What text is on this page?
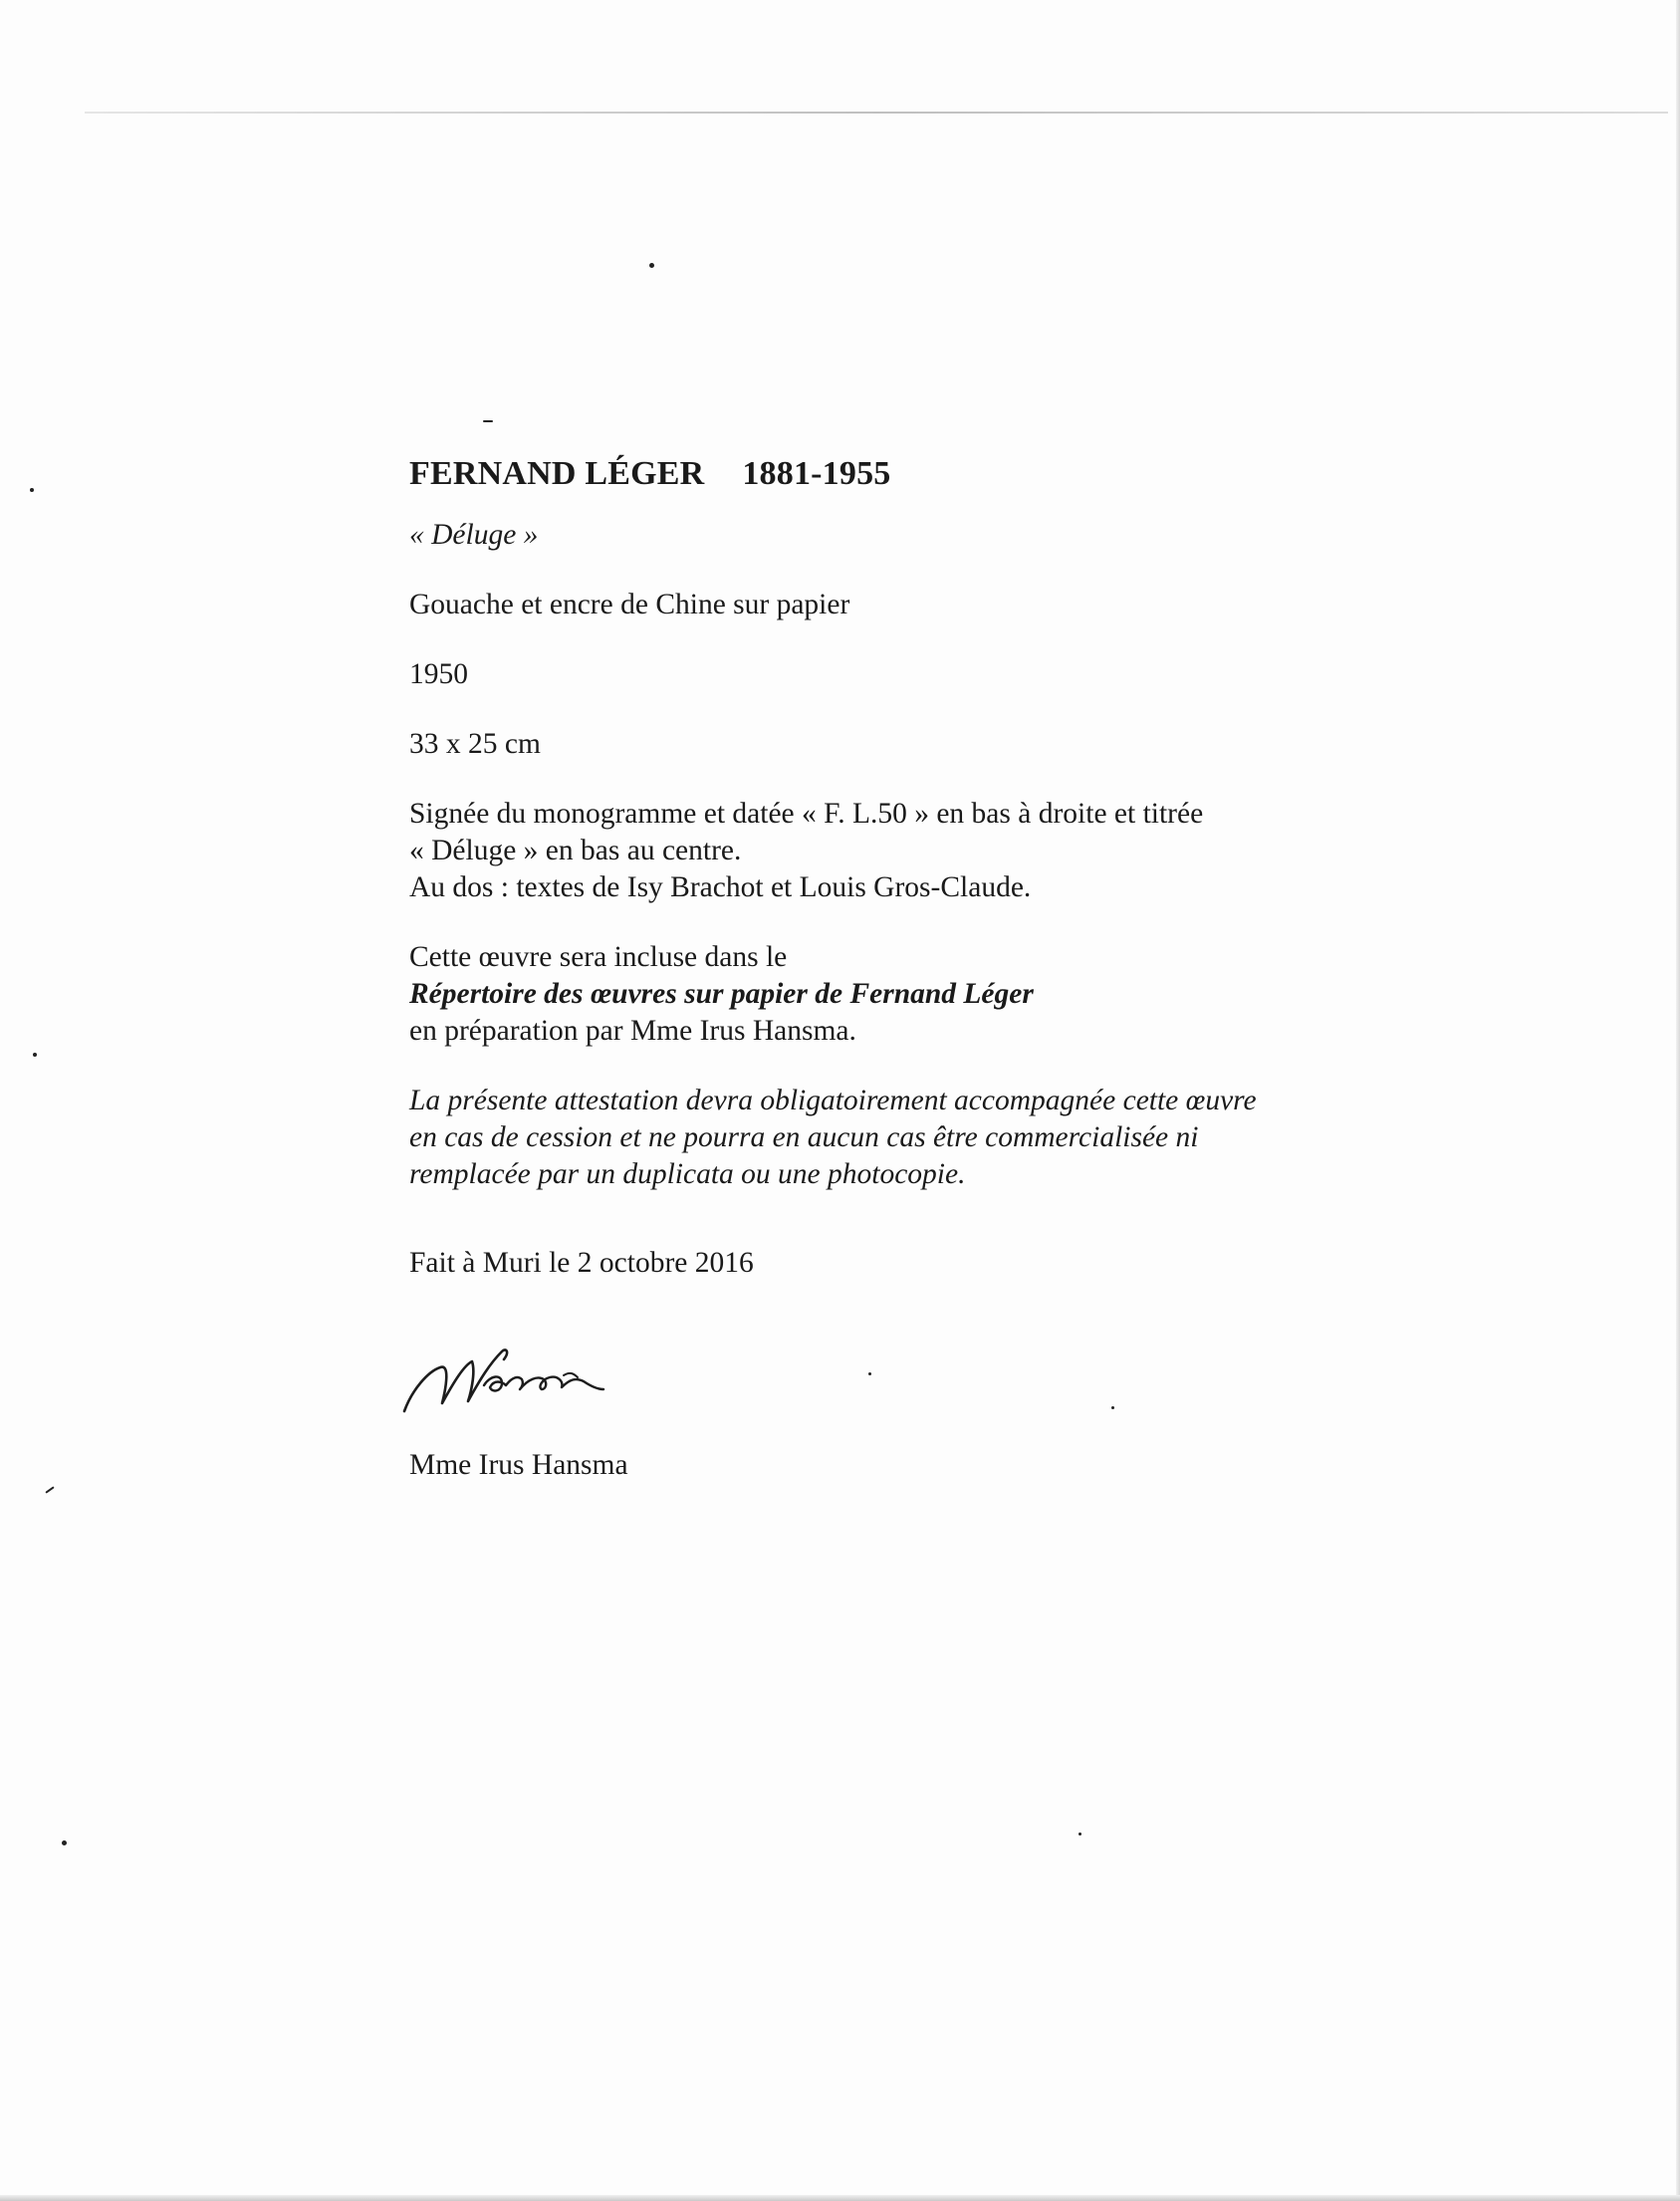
FERNAND LÉGER 1881-1955

« Déluge »

Gouache et encre de Chine sur papier

1950

33 x 25 cm

Signée du monogramme et datée « F. L.50 » en bas à droite et titrée

« Déluge » en bas au centre.

Au dos : textes de Isy Brachot et Louis Gros-Claude.

Cette œuvre sera incluse dans le

Répertoire des œuvres sur papier de Fernand Léger

en préparation par Mme Irus Hansma.

La présente attestation devra obligatoirement accompagnée cette œuvre

en cas de cession et ne pourra en aucun cas être commercialisée ni

remplacée par un duplicata ou une photocopie.

Fait à Muri le 2 octobre 2016

Mme Irus Hansma
